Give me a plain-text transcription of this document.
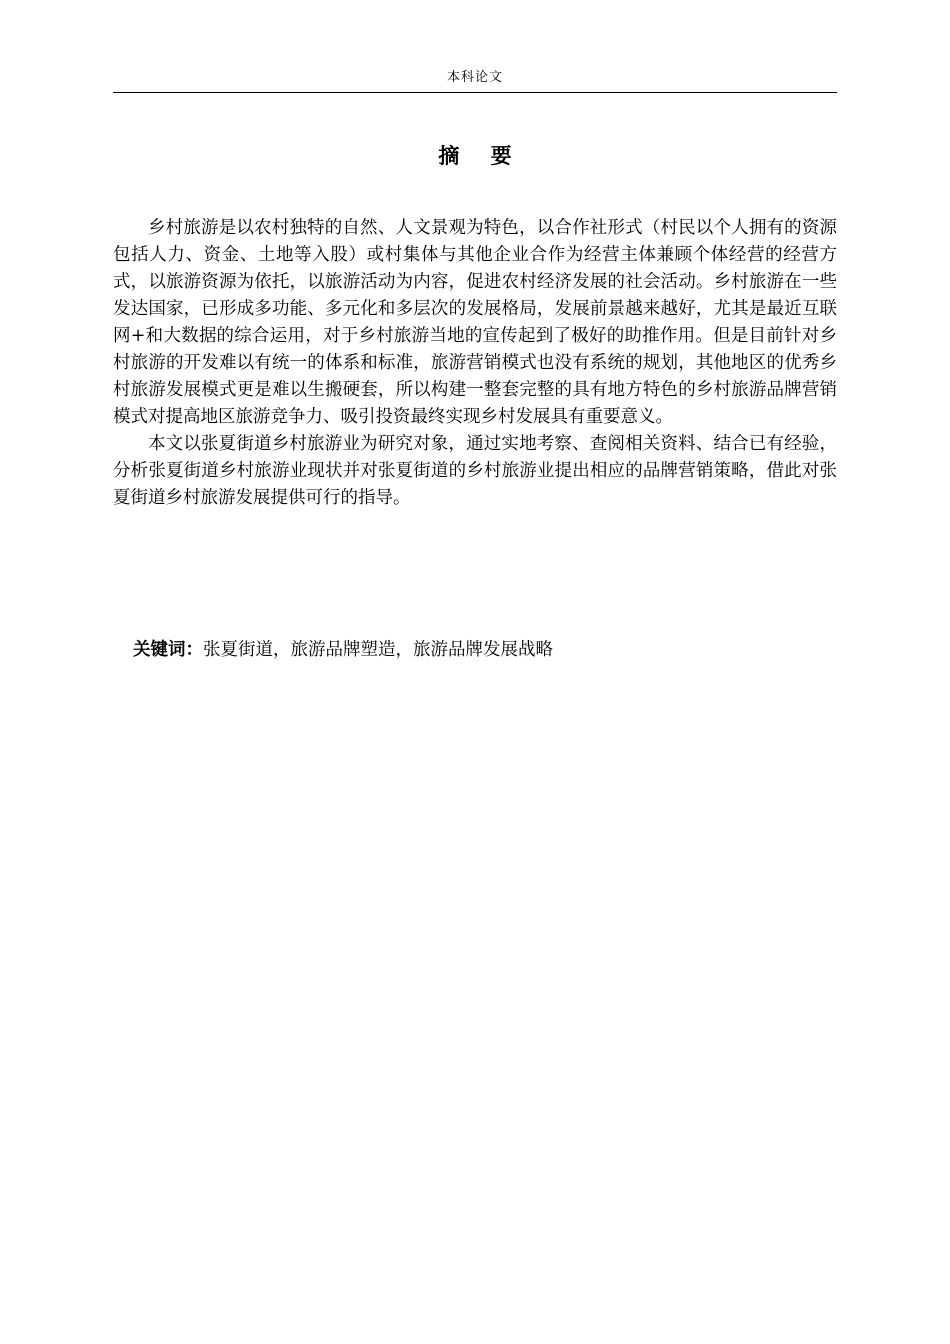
本科论文
摘 要

乡村旅游是以农村独特的自然、人文景观为特色，以合作社形式（村民以个人拥有的资源包括人力、资金、土地等入股）或村集体与其他企业合作为经营主体兼顾个体经营的经营方式，以旅游资源为依托，以旅游活动为内容，促进农村经济发展的社会活动。乡村旅游在一些发达国家，已形成多功能、多元化和多层次的发展格局，发展前景越来越好，尤其是最近互联网+和大数据的综合运用，对于乡村旅游当地的宣传起到了极好的助推作用。但是目前针对乡村旅游的开发难以有统一的体系和标准，旅游营销模式也没有系统的规划，其他地区的优秀乡村旅游发展模式更是难以生搬硬套，所以构建一整套完整的具有地方特色的乡村旅游品牌营销模式对提高地区旅游竞争力、吸引投资最终实现乡村发展具有重要意义。

本文以张夏街道乡村旅游业为研究对象，通过实地考察、查阅相关资料、结合已有经验，分析张夏街道乡村旅游业现状并对张夏街道的乡村旅游业提出相应的品牌营销策略，借此对张夏街道乡村旅游发展提供可行的指导。

关键词：张夏街道，旅游品牌塑造，旅游品牌发展战略
